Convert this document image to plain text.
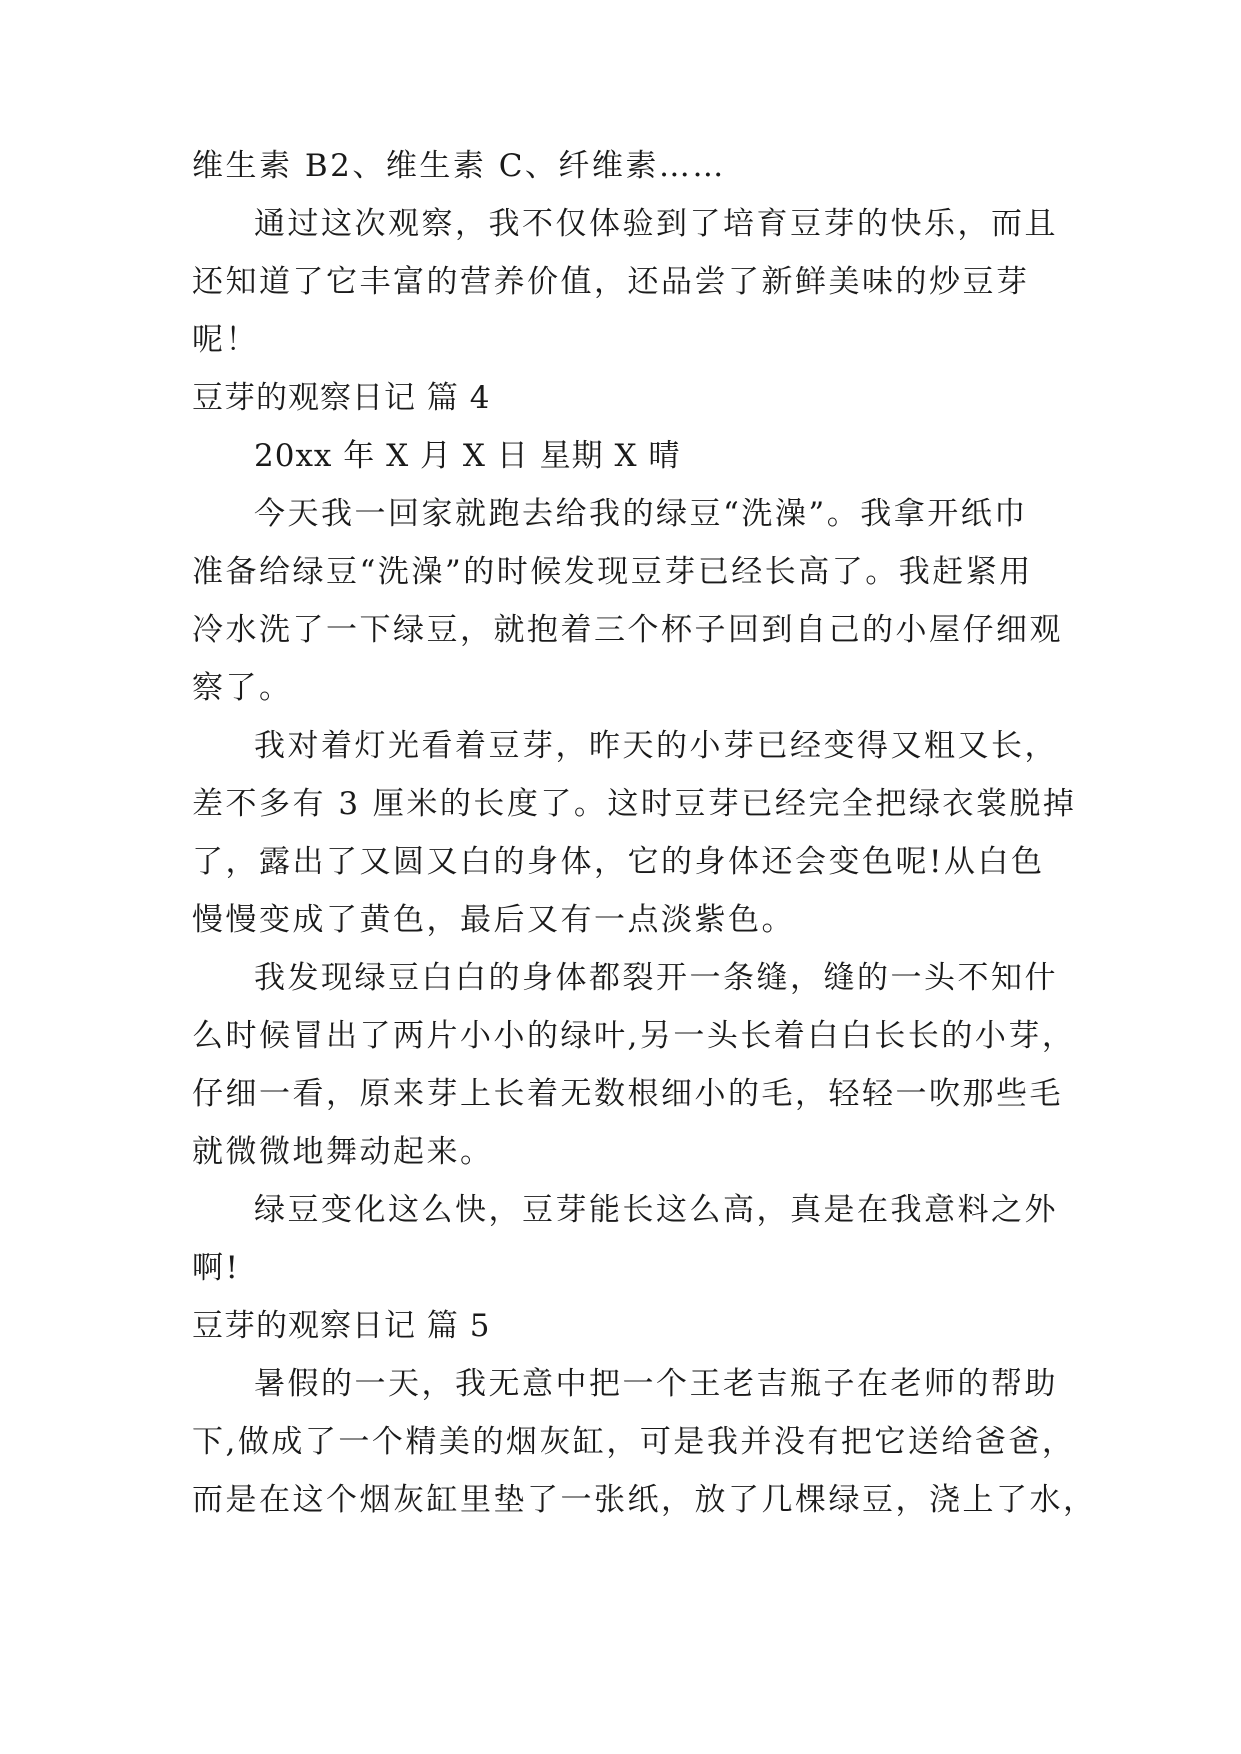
维生素 B2、维生素 C、纤维素……
通过这次观察，我不仅体验到了培育豆芽的快乐，而且
还知道了它丰富的营养价值，还品尝了新鲜美味的炒豆芽
呢！
豆芽的观察日记 篇 4
20xx 年 X 月 X 日 星期 X 晴
今天我一回家就跑去给我的绿豆“洗澡”。我拿开纸巾
准备给绿豆“洗澡”的时候发现豆芽已经长高了。我赶紧用
冷水洗了一下绿豆，就抱着三个杯子回到自己的小屋仔细观
察了。
我对着灯光看着豆芽，昨天的小芽已经变得又粗又长，
差不多有 3 厘米的长度了。这时豆芽已经完全把绿衣裳脱掉
了，露出了又圆又白的身体，它的身体还会变色呢!从白色
慢慢变成了黄色，最后又有一点淡紫色。
我发现绿豆白白的身体都裂开一条缝，缝的一头不知什
么时候冒出了两片小小的绿叶,另一头长着白白长长的小芽，
仔细一看，原来芽上长着无数根细小的毛，轻轻一吹那些毛
就微微地舞动起来。
绿豆变化这么快，豆芽能长这么高，真是在我意料之外
啊!
豆芽的观察日记 篇 5
暑假的一天，我无意中把一个王老吉瓶子在老师的帮助
下,做成了一个精美的烟灰缸，可是我并没有把它送给爸爸，
而是在这个烟灰缸里垫了一张纸，放了几棵绿豆，浇上了水，
